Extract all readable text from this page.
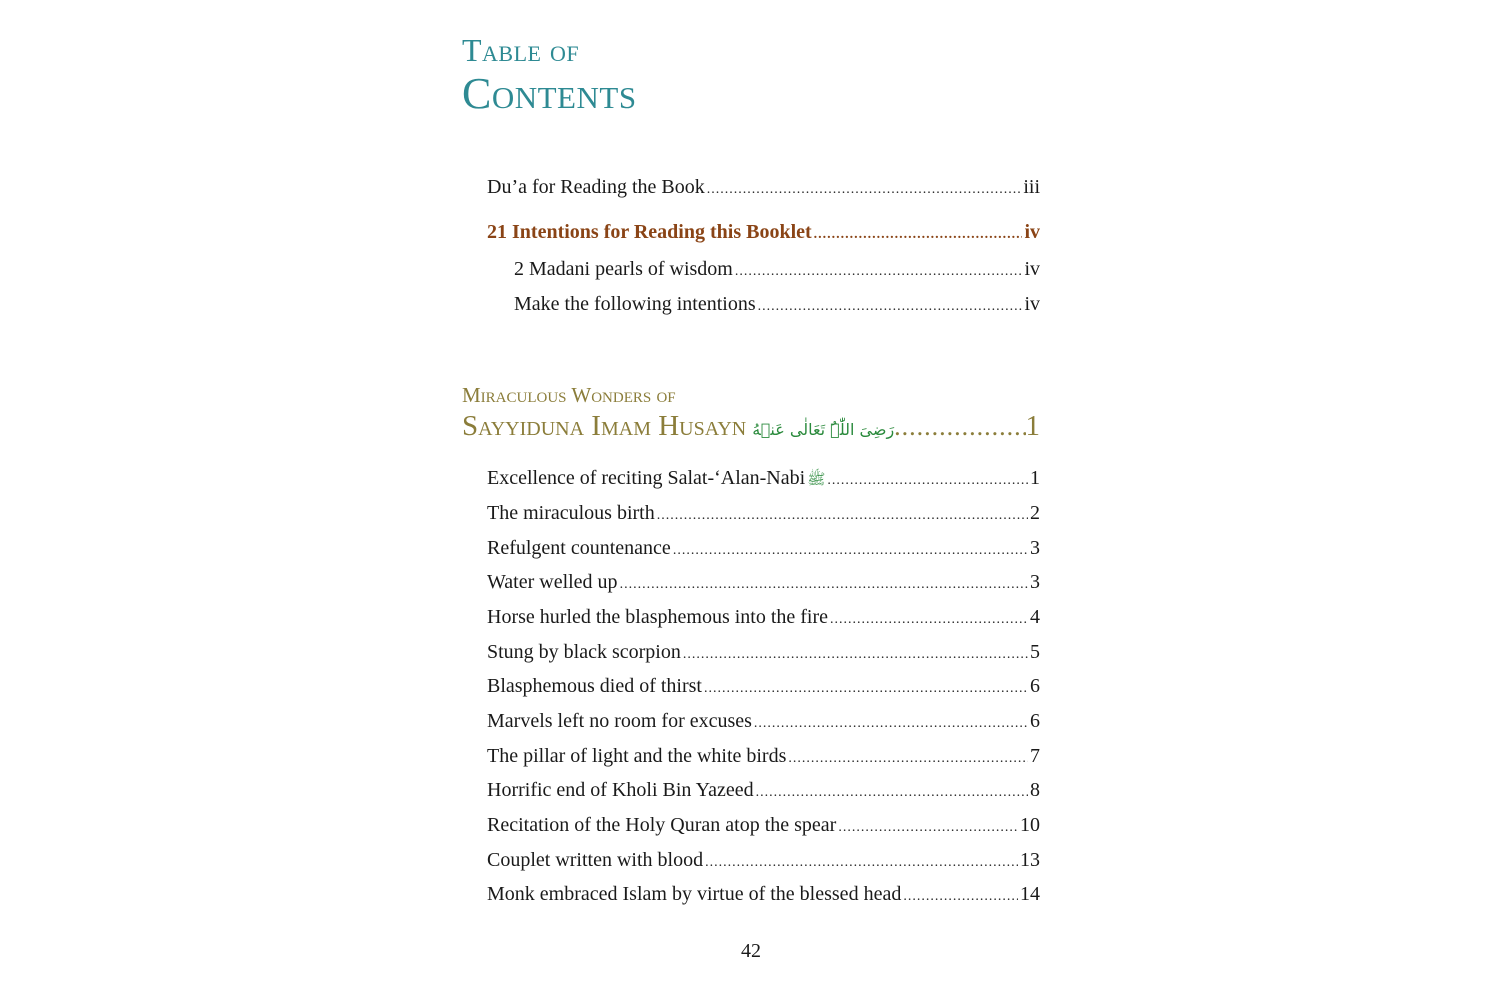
Table of
Contents
Du’a for Reading the Book .....	iii
21 Intentions for Reading this Booklet .....	iv
2 Madani pearls of wisdom .....	iv
Make the following intentions .....	iv
Miraculous Wonders of
Sayyiduna Imam Husayn رَضِیَ اللّٰہُ تَعَالٰی عَنۡهُ .....	1
Excellence of reciting Salat-‘Alan-Nabi ﷺ .....	1
The miraculous birth .....	2
Refulgent countenance .....	3
Water welled up .....	3
Horse hurled the blasphemous into the fire .....	4
Stung by black scorpion .....	5
Blasphemous died of thirst .....	6
Marvels left no room for excuses .....	6
The pillar of light and the white birds .....	7
Horrific end of Kholi Bin Yazeed .....	8
Recitation of the Holy Quran atop the spear .....	10
Couplet written with blood .....	13
Monk embraced Islam by virtue of the blessed head .....	14
42
